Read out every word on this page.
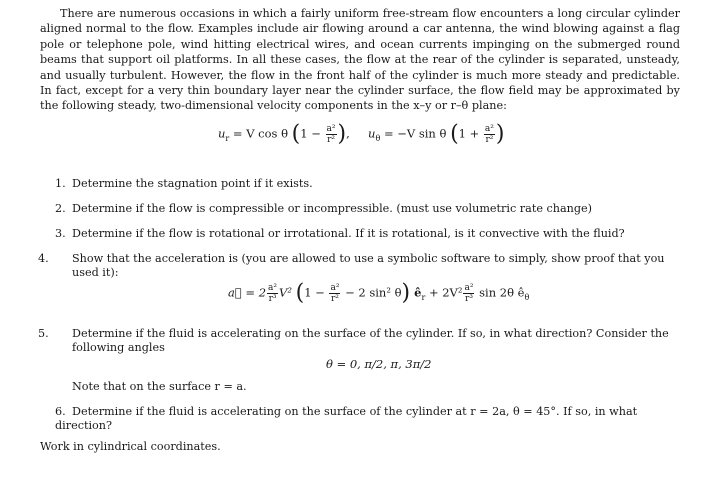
There are numerous occasions in which a fairly uniform free-stream flow encounters a long circular cylinder aligned normal to the flow. Examples include air flowing around a car antenna, the wind blowing against a flag pole or telephone pole, wind hitting electrical wires, and ocean currents impinging on the submerged round beams that support oil platforms. In all these cases, the flow at the rear of the cylinder is separated, unsteady, and usually turbulent. However, the flow in the front half of the cylinder is much more steady and predictable. In fact, except for a very thin boundary layer near the cylinder surface, the flow field may be approximated by the following steady, two-dimensional velocity components in the x–y or r–θ plane:

$u_r = V$ cos θ ($1 - \frac{\text{a²}}{\text{r²}}$ ), $u_\theta = -V$ sin θ ($1 + \frac{\text{a²}}{\text{r²}}$ )
1. Determine the stagnation point if it exists.
2. Determine if the flow is compressible or incompressible. (must use volumetric rate change)
3. Determine if the flow is rotational or irrotational. If it is rotational, is it convective with the fluid?
4. Show that the acceleration is (you are allowed to use a symbolic software to simply, show proof that you used it):
a⃗ = $2 \frac{\text{a²}}{\text{r³}} V^2$ ($1 - \frac{\text{a²}}{\text{r²}} - 2$ sin² θ) $ê_r + 2V^2 \frac{\text{a²}}{\text{r³}}$ sin 2θ $ê_\theta$
5. Determine if the fluid is accelerating on the surface of the cylinder. If so, in what direction? Consider the following angles
θ = 0, π/2, π, 3π/2
Note that on the surface r = a.
6. Determine if the fluid is accelerating on the surface of the cylinder at r = 2a, θ = 45°. If so, in what direction?
Work in cylindrical coordinates.
